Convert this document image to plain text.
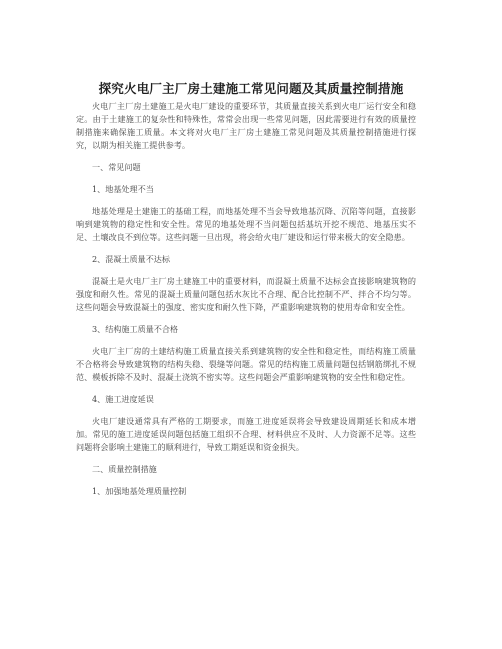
探究火电厂主厂房土建施工常见问题及其质量控制措施

火电厂主厂房土建施工是火电厂建设的重要环节，其质量直接关系到火电厂运行安全和稳定。由于土建施工的复杂性和特殊性，常常会出现一些常见问题，因此需要进行有效的质量控制措施来确保施工质量。本文将对火电厂主厂房土建施工常见问题及其质量控制措施进行探究，以期为相关施工提供参考。

一、常见问题
1、地基处理不当

地基处理是土建施工的基础工程，而地基处理不当会导致地基沉降、沉陷等问题，直接影响到建筑物的稳定性和安全性。常见的地基处理不当问题包括基坑开挖不规范、地基压实不足、土壤改良不到位等。这些问题一旦出现，将会给火电厂建设和运行带来极大的安全隐患。

2、混凝土质量不达标

混凝土是火电厂主厂房土建施工中的重要材料，而混凝土质量不达标会直接影响建筑物的强度和耐久性。常见的混凝土质量问题包括水灰比不合理、配合比控制不严、拌合不均匀等。这些问题会导致混凝土的强度、密实度和耐久性下降，严重影响建筑物的使用寿命和安全性。

3、结构施工质量不合格

火电厂主厂房的土建结构施工质量直接关系到建筑物的安全性和稳定性，而结构施工质量不合格将会导致建筑物的结构失稳、裂缝等问题。常见的结构施工质量问题包括钢筋绑扎不规范、模板拆除不及时、混凝土浇筑不密实等。这些问题会严重影响建筑物的安全性和稳定性。

4、施工进度延误

火电厂建设通常具有严格的工期要求，而施工进度延误将会导致建设周期延长和成本增加。常见的施工进度延误问题包括施工组织不合理、材料供应不及时、人力资源不足等。这些问题将会影响土建施工的顺利进行，导致工期延误和资金损失。

二、质量控制措施
1、加强地基处理质量控制
